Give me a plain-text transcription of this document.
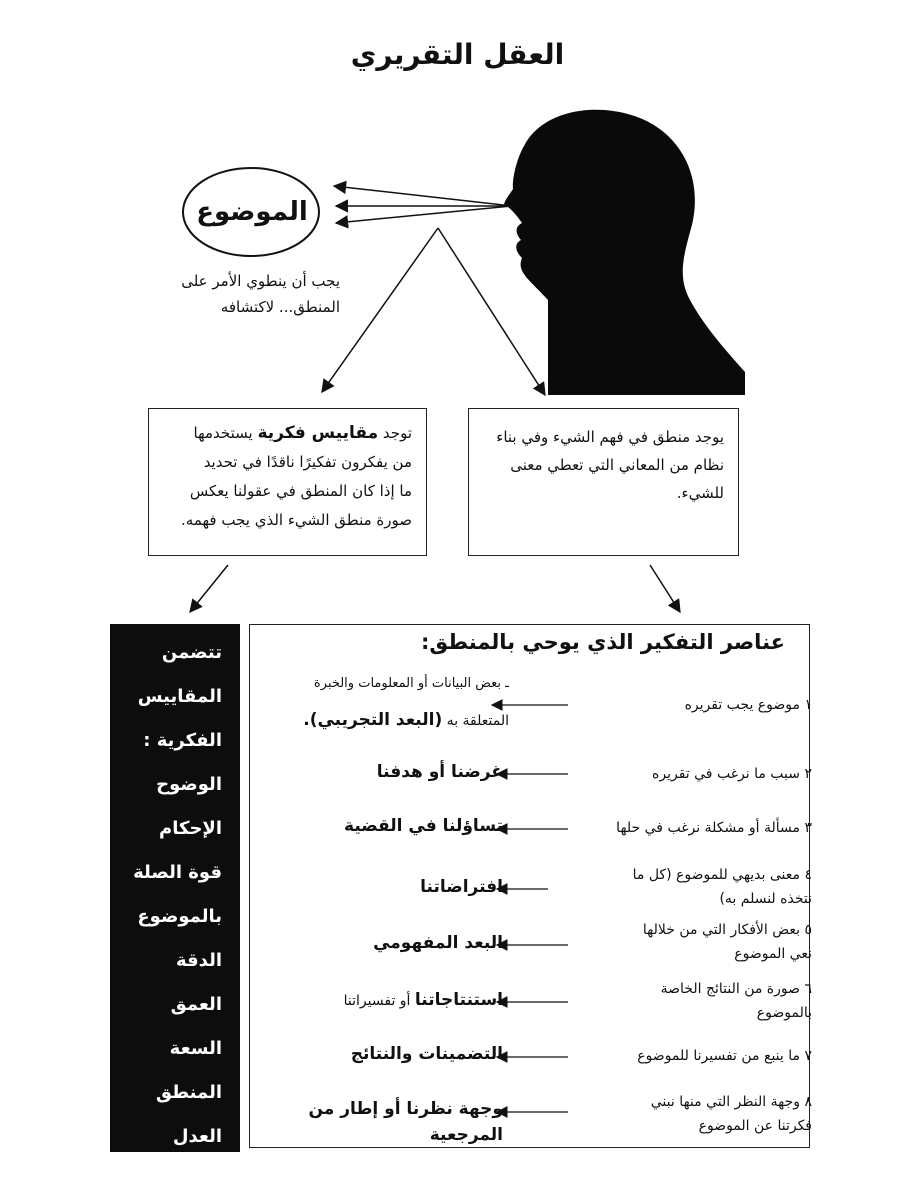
العقل التقريري
الموضوع
يجب أن ينطوي الأمر على
المنطق... لاكتشافه
توجد مقاييس فكرية يستخدمها
من يفكرون تفكيرًا ناقدًا في تحديد
ما إذا كان المنطق في عقولنا يعكس
صورة منطق الشيء الذي يجب فهمه.
يوجد منطق في فهم الشيء وفي بناء
نظام من المعاني التي تعطي معنى
للشيء.
تتضمن
المقاييس
الفكرية :
الوضوح
الإحكام
قوة الصلة
بالموضوع
الدقة
العمق
السعة
المنطق
العدل
عناصر التفكير الذي يوحي بالمنطق:
١ موضوع يجب تقريره
ـ بعض البيانات أو المعلومات والخبرة
المتعلقة به (البعد التجريبي).
٢ سبب ما نرغب في تقريره
غرضنا أو هدفنا
٣ مسألة أو مشكلة نرغب في حلها
تساؤلنا في القضية
٤ معنى بديهي للموضوع (كل ما
نتخذه لنسلم به)
افتراضاتنا
٥ بعض الأفكار التي من خلالها
نعي الموضوع
البعد المفهومي
٦ صورة من النتائج الخاصة
بالموضوع
استنتاجاتنا أو تفسيراتنا
٧ ما ينبع من تفسيرنا للموضوع
التضمينات والنتائج
٨ وجهة النظر التي منها نبني
فكرتنا عن الموضوع
وجهة نظرنا أو إطار من
المرجعية
